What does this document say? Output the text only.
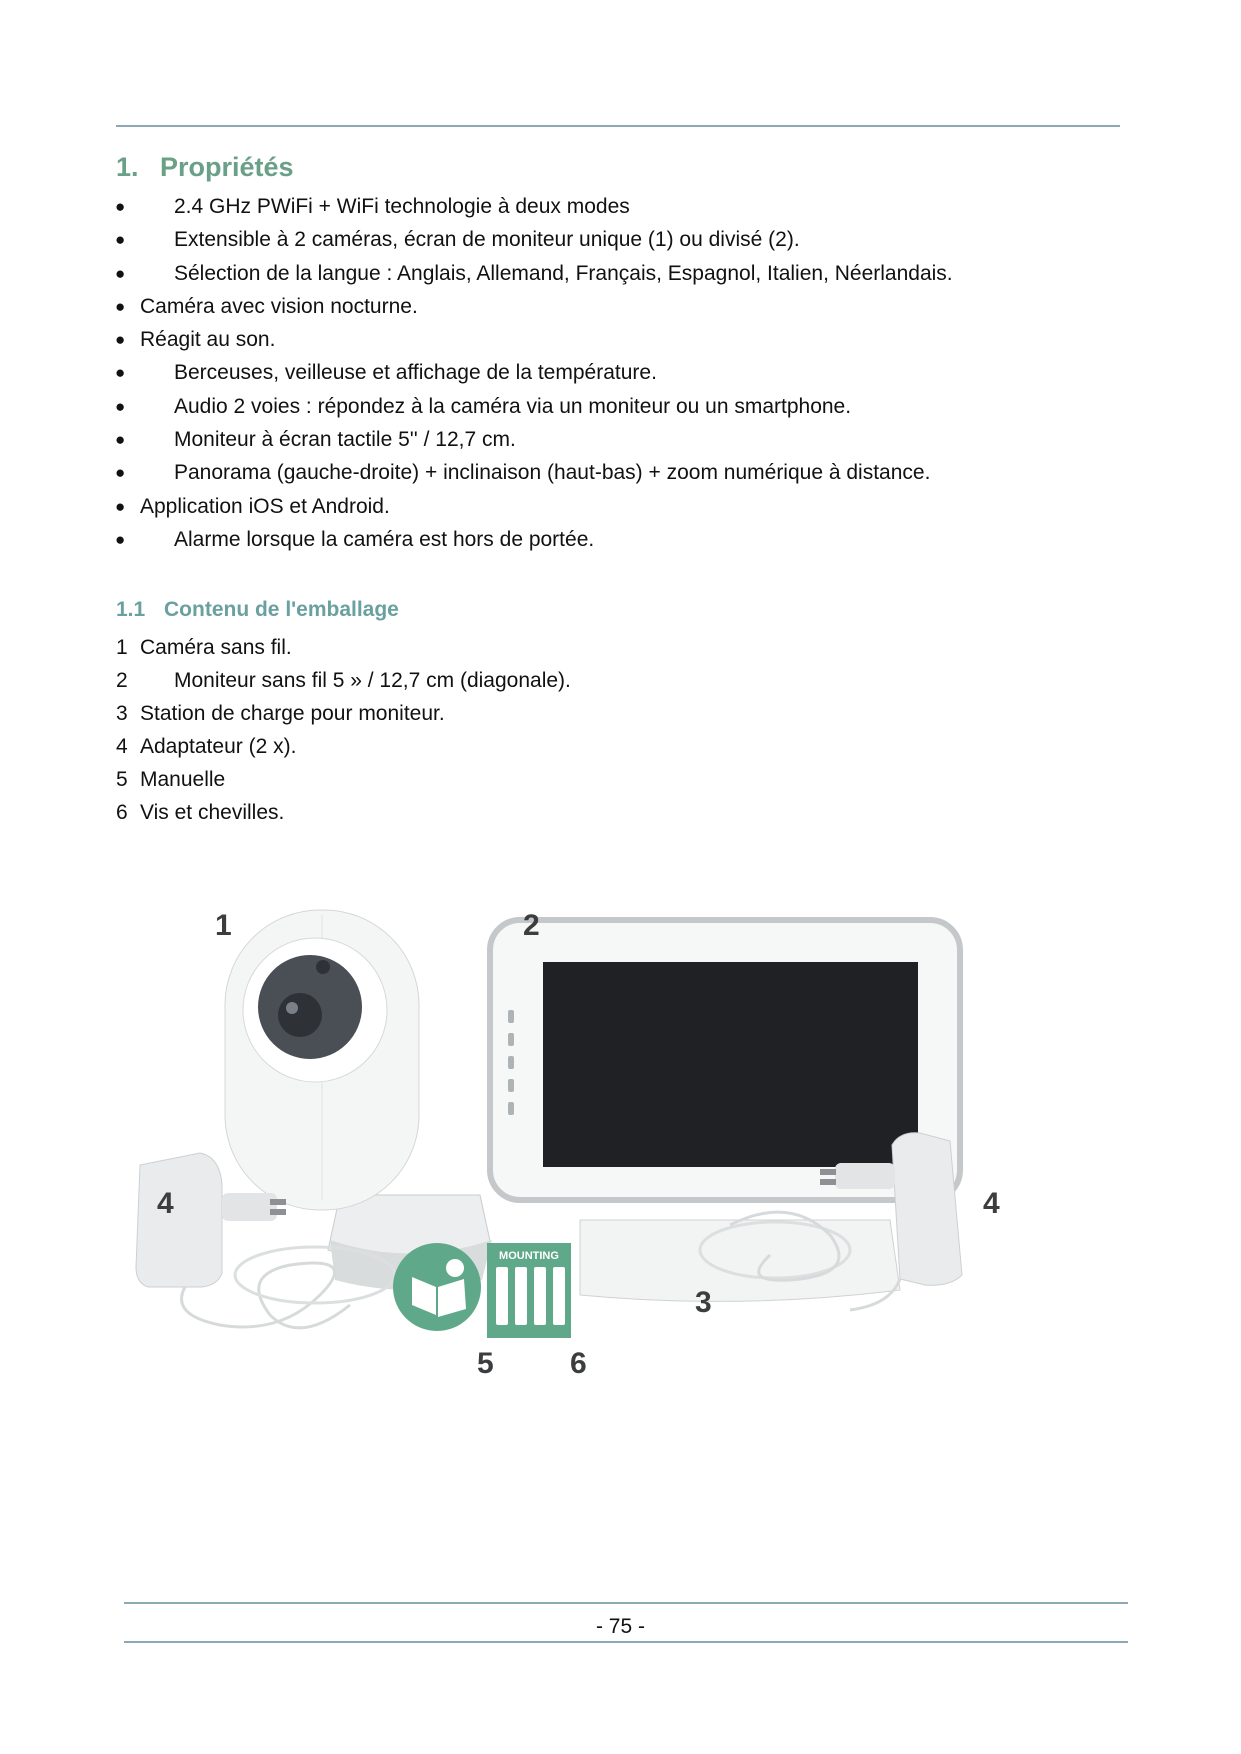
1. Propriétés
● 2.4 GHz PWiFi + WiFi technologie à deux modes
● Extensible à 2 caméras, écran de moniteur unique (1) ou divisé (2).
● Sélection de la langue : Anglais, Allemand, Français, Espagnol, Italien, Néerlandais.
● Caméra avec vision nocturne.
● Réagit au son.
● Berceuses, veilleuse et affichage de la température.
● Audio 2 voies : répondez à la caméra via un moniteur ou un smartphone.
● Moniteur à écran tactile 5'' / 12,7 cm.
● Panorama (gauche-droite) + inclinaison (haut-bas) + zoom numérique à distance.
● Application iOS et Android.
● Alarme lorsque la caméra est hors de portée.
1.1 Contenu de l'emballage
1 Caméra sans fil.
2 Moniteur sans fil 5 » / 12,7 cm (diagonale).
3 Station de charge pour moniteur.
4 Adaptateur (2 x).
5 Manuelle
6 Vis et chevilles.
MOUNTING
1	2
3
4	4
5	6
- 75 -
